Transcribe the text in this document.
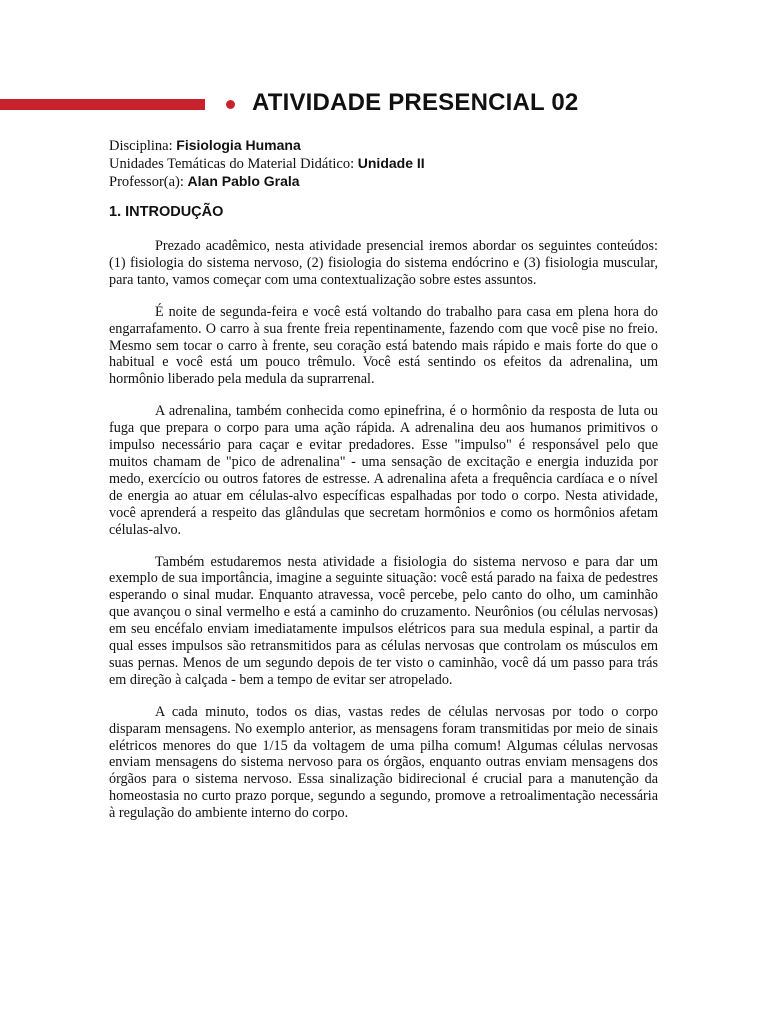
ATIVIDADE PRESENCIAL 02
Disciplina: Fisiologia Humana
Unidades Temáticas do Material Didático: Unidade II
Professor(a): Alan Pablo Grala
1. INTRODUÇÃO

Prezado acadêmico, nesta atividade presencial iremos abordar os seguintes conteúdos: (1) fisiologia do sistema nervoso, (2) fisiologia do sistema endócrino e (3) fisiologia muscular, para tanto, vamos começar com uma contextualização sobre estes assuntos.

É noite de segunda-feira e você está voltando do trabalho para casa em plena hora do engarrafamento. O carro à sua frente freia repentinamente, fazendo com que você pise no freio. Mesmo sem tocar o carro à frente, seu coração está batendo mais rápido e mais forte do que o habitual e você está um pouco trêmulo. Você está sentindo os efeitos da adrenalina, um hormônio liberado pela medula da suprarrenal.

A adrenalina, também conhecida como epinefrina, é o hormônio da resposta de luta ou fuga que prepara o corpo para uma ação rápida. A adrenalina deu aos humanos primitivos o impulso necessário para caçar e evitar predadores. Esse "impulso" é responsável pelo que muitos chamam de "pico de adrenalina" - uma sensação de excitação e energia induzida por medo, exercício ou outros fatores de estresse. A adrenalina afeta a frequência cardíaca e o nível de energia ao atuar em células-alvo específicas espalhadas por todo o corpo. Nesta atividade, você aprenderá a respeito das glândulas que secretam hormônios e como os hormônios afetam células-alvo.

Também estudaremos nesta atividade a fisiologia do sistema nervoso e para dar um exemplo de sua importância, imagine a seguinte situação: você está parado na faixa de pedestres esperando o sinal mudar. Enquanto atravessa, você percebe, pelo canto do olho, um caminhão que avançou o sinal vermelho e está a caminho do cruzamento. Neurônios (ou células nervosas) em seu encéfalo enviam imediatamente impulsos elétricos para sua medula espinal, a partir da qual esses impulsos são retransmitidos para as células nervosas que controlam os músculos em suas pernas. Menos de um segundo depois de ter visto o caminhão, você dá um passo para trás em direção à calçada - bem a tempo de evitar ser atropelado.

A cada minuto, todos os dias, vastas redes de células nervosas por todo o corpo disparam mensagens. No exemplo anterior, as mensagens foram transmitidas por meio de sinais elétricos menores do que 1/15 da voltagem de uma pilha comum! Algumas células nervosas enviam mensagens do sistema nervoso para os órgãos, enquanto outras enviam mensagens dos órgãos para o sistema nervoso. Essa sinalização bidirecional é crucial para a manutenção da homeostasia no curto prazo porque, segundo a segundo, promove a retroalimentação necessária à regulação do ambiente interno do corpo.
